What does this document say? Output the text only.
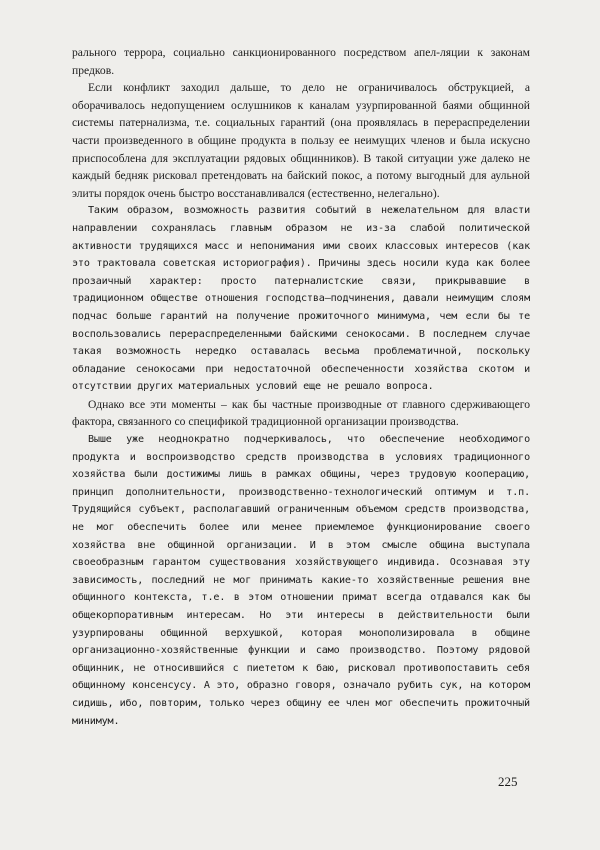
рального террора, социально санкционированного посредством апел-ляции к законам предков.

Если конфликт заходил дальше, то дело не ограничивалось обструкцией, а оборачивалось недопущением ослушников к каналам узурпированной баями общинной системы патернализма, т.е. социальных гарантий (она проявлялась в перераспределении части произведенного в общине продукта в пользу ее неимущих членов и была искусно приспособлена для эксплуатации рядовых общинников). В такой ситуации уже далеко не каждый бедняк рисковал претендовать на байский покос, а потому выгодный для аульной элиты порядок очень быстро восстанавливался (естественно, нелегально).

Таким образом, возможность развития событий в нежелательном для власти направлении сохранялась главным образом не из-за слабой политической активности трудящихся масс и непонимания ими своих классовых интересов (как это трактовала советская историография). Причины здесь носили куда как более прозаичный характер: просто патерналистские связи, прикрывавшие в традиционном обществе отношения господства–подчинения, давали неимущим слоям подчас больше гарантий на получение прожиточного минимума, чем если бы те воспользовались перераспределенными байскими сенокосами. В последнем случае такая возможность нередко оставалась весьма проблематичной, поскольку обладание сенокосами при недостаточной обеспеченности хозяйства скотом и отсутствии других материальных условий еще не решало вопроса.

Однако все эти моменты – как бы частные производные от главного сдерживающего фактора, связанного со спецификой традиционной организации производства.

Выше уже неоднократно подчеркивалось, что обеспечение необходимого продукта и воспроизводство средств производства в условиях традиционного хозяйства были достижимы лишь в рамках общины, через трудовую кооперацию, принцип дополнительности, производственно-технологический оптимум и т.п. Трудящийся субъект, располагавший ограниченным объемом средств производства, не мог обеспечить более или менее приемлемое функционирование своего хозяйства вне общинной организации. И в этом смысле община выступала своеобразным гарантом существования хозяйствующего индивида. Осознавая эту зависимость, последний не мог принимать какие-то хозяйственные решения вне общинного контекста, т.е. в этом отношении примат всегда отдавался как бы общекорпоративным интересам. Но эти интересы в действительности были узурпированы общинной верхушкой, которая монополизировала в общине организационно-хозяйственные функции и само производство. Поэтому рядовой общинник, не относившийся с пиететом к баю, рисковал противопоставить себя общинному консенсусу. А это, образно говоря, означало рубить сук, на котором сидишь, ибо, повторим, только через общину ее член мог обеспечить прожиточный минимум.

225
